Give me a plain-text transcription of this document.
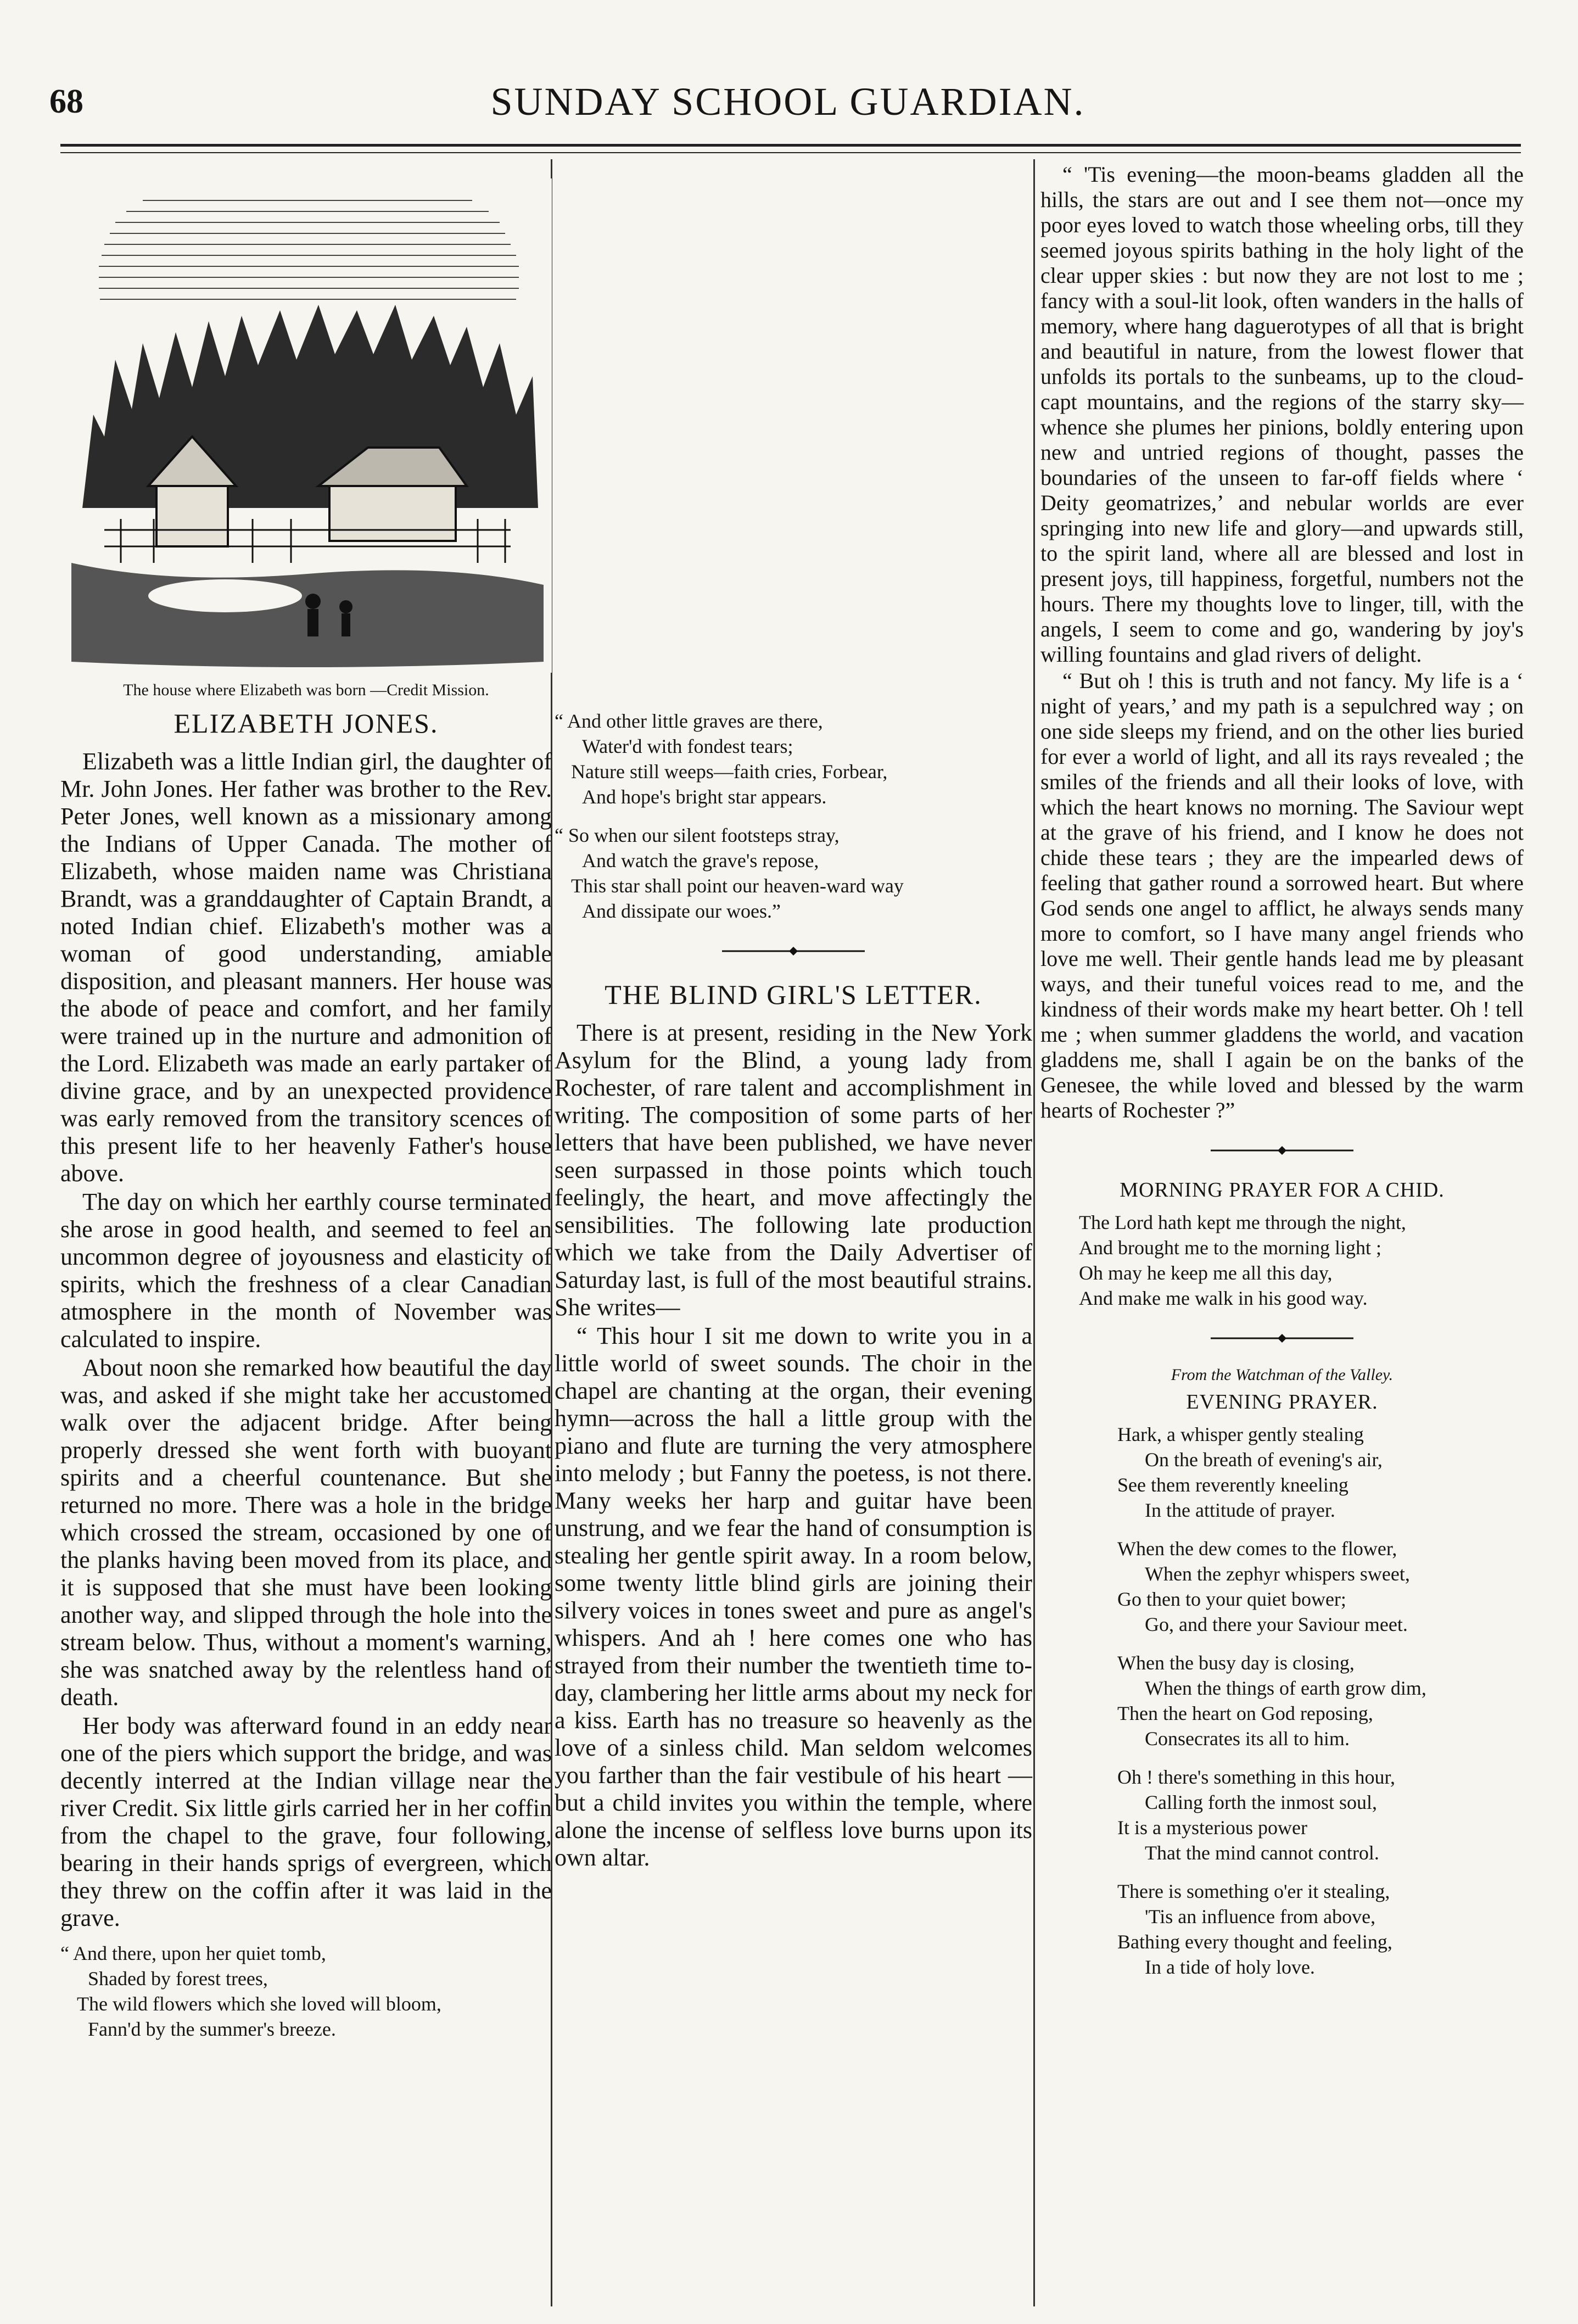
68	SUNDAY SCHOOL GUARDIAN.
The house where Elizabeth was born —Credit Mission.
ELIZABETH JONES.

Elizabeth was a little Indian girl, the daughter of Mr. John Jones. Her father was brother to the Rev. Peter Jones, well known as a missionary among the Indians of Upper Canada. The mother of Elizabeth, whose maiden name was Christiana Brandt, was a granddaughter of Captain Brandt, a noted Indian chief. Elizabeth's mother was a woman of good understanding, amiable disposition, and pleasant manners. Her house was the abode of peace and comfort, and her family were trained up in the nurture and admonition of the Lord. Elizabeth was made an early partaker of divine grace, and by an unexpected providence was early removed from the transitory scences of this present life to her heavenly Father's house above.

The day on which her earthly course terminated she arose in good health, and seemed to feel an uncommon degree of joyousness and elasticity of spirits, which the freshness of a clear Canadian atmosphere in the month of November was calculated to inspire.

About noon she remarked how beautiful the day was, and asked if she might take her accustomed walk over the adjacent bridge. After being properly dressed she went forth with buoyant spirits and a cheerful countenance. But she returned no more. There was a hole in the bridge which crossed the stream, occasioned by one of the planks having been moved from its place, and it is supposed that she must have been looking another way, and slipped through the hole into the stream below. Thus, without a moment's warning, she was snatched away by the relentless hand of death.

Her body was afterward found in an eddy near one of the piers which support the bridge, and was decently interred at the Indian village near the river Credit. Six little girls carried her in her coffin from the chapel to the grave, four following, bearing in their hands sprigs of evergreen, which they threw on the coffin after it was laid in the grave.

“ And there, upon her quiet tomb,
Shaded by forest trees,
The wild flowers which she loved will bloom,
Fann'd by the summer's breeze.
“ And other little graves are there,
Water'd with fondest tears;
Nature still weeps—faith cries, Forbear,
And hope's bright star appears.
“ So when our silent footsteps stray,
And watch the grave's repose,
This star shall point our heaven-ward way
And dissipate our woes.”
THE BLIND GIRL'S LETTER.

There is at present, residing in the New York Asylum for the Blind, a young lady from Rochester, of rare talent and accomplishment in writing. The composition of some parts of her letters that have been published, we have never seen surpassed in those points which touch feelingly, the heart, and move affectingly the sensibilities. The following late production which we take from the Daily Advertiser of Saturday last, is full of the most beautiful strains. She writes—

“ This hour I sit me down to write you in a little world of sweet sounds. The choir in the chapel are chanting at the organ, their evening hymn—across the hall a little group with the piano and flute are turning the very atmosphere into melody ; but Fanny the poetess, is not there. Many weeks her harp and guitar have been unstrung, and we fear the hand of consumption is stealing her gentle spirit away. In a room below, some twenty little blind girls are joining their silvery voices in tones sweet and pure as angel's whispers. And ah ! here comes one who has strayed from their number the twentieth time to-day, clambering her little arms about my neck for a kiss. Earth has no treasure so heavenly as the love of a sinless child. Man seldom welcomes you farther than the fair vestibule of his heart —but a child invites you within the temple, where alone the incense of selfless love burns upon its own altar.

“ 'Tis evening—the moon-beams gladden all the hills, the stars are out and I see them not—once my poor eyes loved to watch those wheeling orbs, till they seemed joyous spirits bathing in the holy light of the clear upper skies : but now they are not lost to me ; fancy with a soul-lit look, often wanders in the halls of memory, where hang daguerotypes of all that is bright and beautiful in nature, from the lowest flower that unfolds its portals to the sunbeams, up to the cloud-capt mountains, and the regions of the starry sky—whence she plumes her pinions, boldly entering upon new and untried regions of thought, passes the boundaries of the unseen to far-off fields where ‘ Deity geomatrizes,’ and nebular worlds are ever springing into new life and glory—and upwards still, to the spirit land, where all are blessed and lost in present joys, till happiness, forgetful, numbers not the hours. There my thoughts love to linger, till, with the angels, I seem to come and go, wandering by joy's willing fountains and glad rivers of delight.

“ But oh ! this is truth and not fancy. My life is a ‘ night of years,’ and my path is a sepulchred way ; on one side sleeps my friend, and on the other lies buried for ever a world of light, and all its rays revealed ; the smiles of the friends and all their looks of love, with which the heart knows no morning. The Saviour wept at the grave of his friend, and I know he does not chide these tears ; they are the impearled dews of feeling that gather round a sorrowed heart. But where God sends one angel to afflict, he always sends many more to comfort, so I have many angel friends who love me well. Their gentle hands lead me by pleasant ways, and their tuneful voices read to me, and the kindness of their words make my heart better. Oh ! tell me ; when summer gladdens the world, and vacation gladdens me, shall I again be on the banks of the Genesee, the while loved and blessed by the warm hearts of Rochester ?”

MORNING PRAYER FOR A CHID.
The Lord hath kept me through the night,
And brought me to the morning light ;
Oh may he keep me all this day,
And make me walk in his good way.
From the Watchman of the Valley.
EVENING PRAYER.
Hark, a whisper gently stealing
On the breath of evening's air,
See them reverently kneeling
In the attitude of prayer.
When the dew comes to the flower,
When the zephyr whispers sweet,
Go then to your quiet bower;
Go, and there your Saviour meet.
When the busy day is closing,
When the things of earth grow dim,
Then the heart on God reposing,
Consecrates its all to him.
Oh ! there's something in this hour,
Calling forth the inmost soul,
It is a mysterious power
That the mind cannot control.
There is something o'er it stealing,
'Tis an influence from above,
Bathing every thought and feeling,
In a tide of holy love.
